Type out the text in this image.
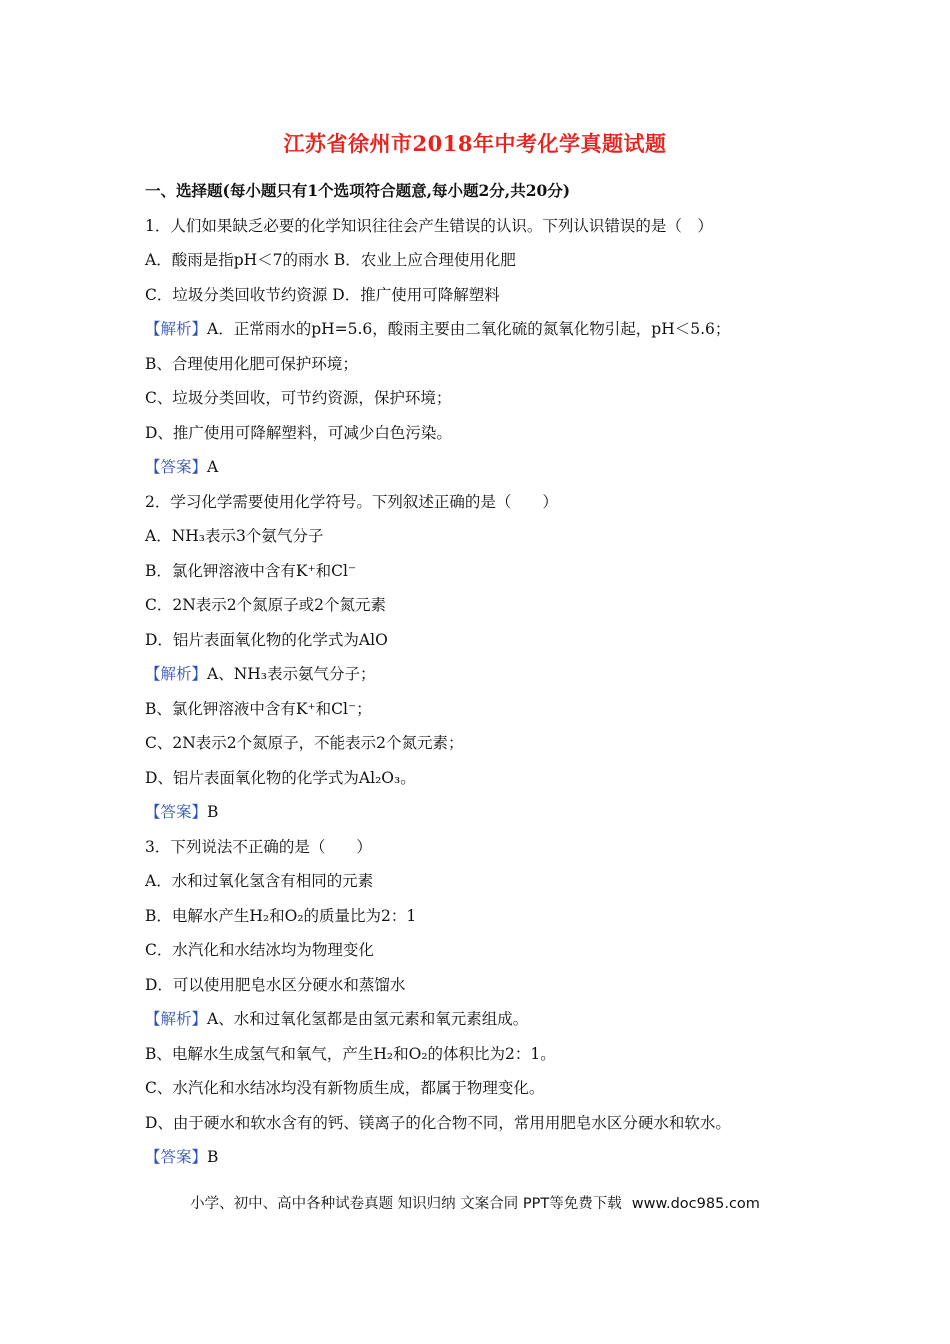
江苏省徐州市2018年中考化学真题试题
一、选择题(每小题只有1个选项符合题意,每小题2分,共20分)
1．人们如果缺乏必要的化学知识往往会产生错误的认识。下列认识错误的是（　）
A．酸雨是指pH＜7的雨水 B．农业上应合理使用化肥
C．垃圾分类回收节约资源 D．推广使用可降解塑料
【解析】A．正常雨水的pH=5.6，酸雨主要由二氧化硫的氮氧化物引起，pH＜5.6；
B、合理使用化肥可保护环境；
C、垃圾分类回收，可节约资源，保护环境；
D、推广使用可降解塑料，可减少白色污染。
【答案】A
2．学习化学需要使用化学符号。下列叙述正确的是（　　）
A．NH₃表示3个氨气分子
B．氯化钾溶液中含有K⁺和Cl⁻
C．2N表示2个氮原子或2个氮元素
D．铝片表面氧化物的化学式为AlO
【解析】A、NH₃表示氨气分子；
B、氯化钾溶液中含有K⁺和Cl⁻；
C、2N表示2个氮原子，不能表示2个氮元素；
D、铝片表面氧化物的化学式为Al₂O₃。
【答案】B
3．下列说法不正确的是（　　）
A．水和过氧化氢含有相同的元素
B．电解水产生H₂和O₂的质量比为2：1
C．水汽化和水结冰均为物理变化
D．可以使用肥皂水区分硬水和蒸馏水
【解析】A、水和过氧化氢都是由氢元素和氧元素组成。
B、电解水生成氢气和氧气，产生H₂和O₂的体积比为2：1。
C、水汽化和水结冰均没有新物质生成，都属于物理变化。
D、由于硬水和软水含有的钙、镁离子的化合物不同，常用用肥皂水区分硬水和软水。
【答案】B
小学、初中、高中各种试卷真题 知识归纳 文案合同 PPT等免费下载 www.doc985.com
